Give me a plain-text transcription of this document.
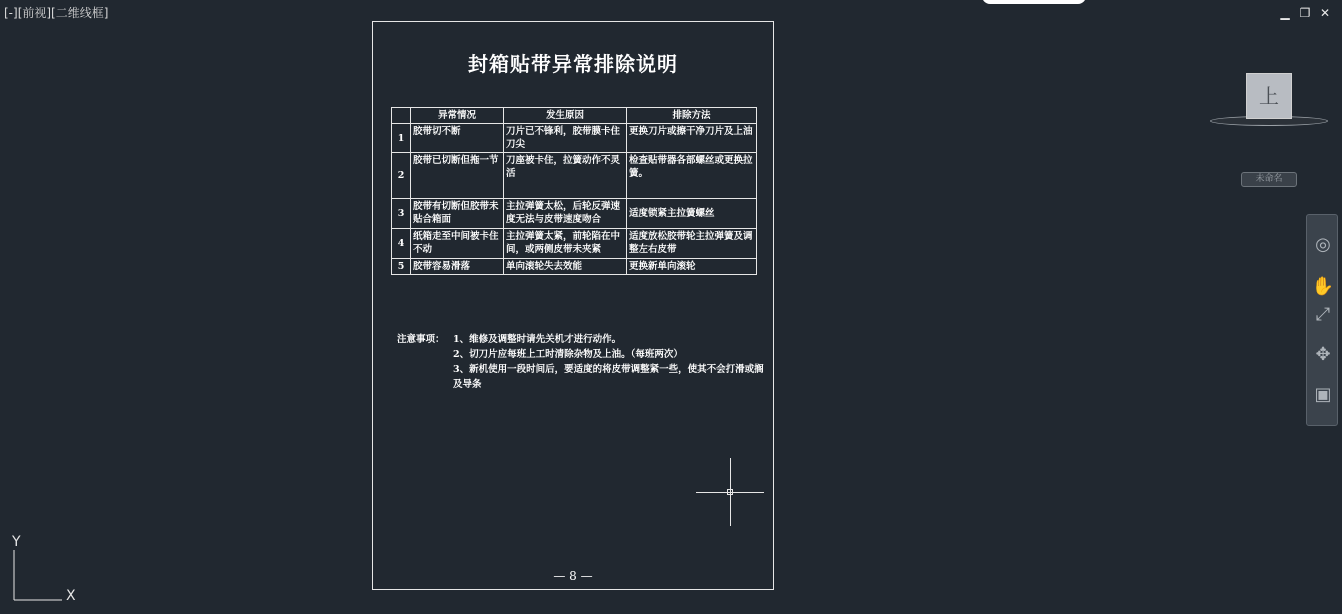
[-][前视][二维线框]	▁ ❐ ✕
封箱贴带异常排除说明
	异常情况	发生原因	排除方法
1	胶带切不断	刀片已不锋利，胶带膜卡住刀尖	更换刀片或擦干净刀片及上油
2	胶带已切断但拖一节	刀座被卡住，拉簧动作不灵活	检查贴带器各部螺丝或更换拉簧。
3	胶带有切断但胶带未贴合箱面	主拉弹簧太松，后轮反弹速度无法与皮带速度吻合	适度锁紧主拉簧螺丝
4	纸箱走至中间被卡住不动	主拉弹簧太紧，前轮陷在中间，或两侧皮带未夹紧	适度放松胶带轮主拉弹簧及调整左右皮带
5	胶带容易滑落	单向滚轮失去效能	更换新单向滚轮
注意事项： 1、维修及调整时请先关机才进行动作。
2、切刀片应每班上工时清除杂物及上油。（每班两次）
3、新机使用一段时间后，要适度的将皮带调整紧一些，使其不会打滑或搁及导条
— 8 —
Y
X
上
未命名
◎
✋
⤢
✥
▣
